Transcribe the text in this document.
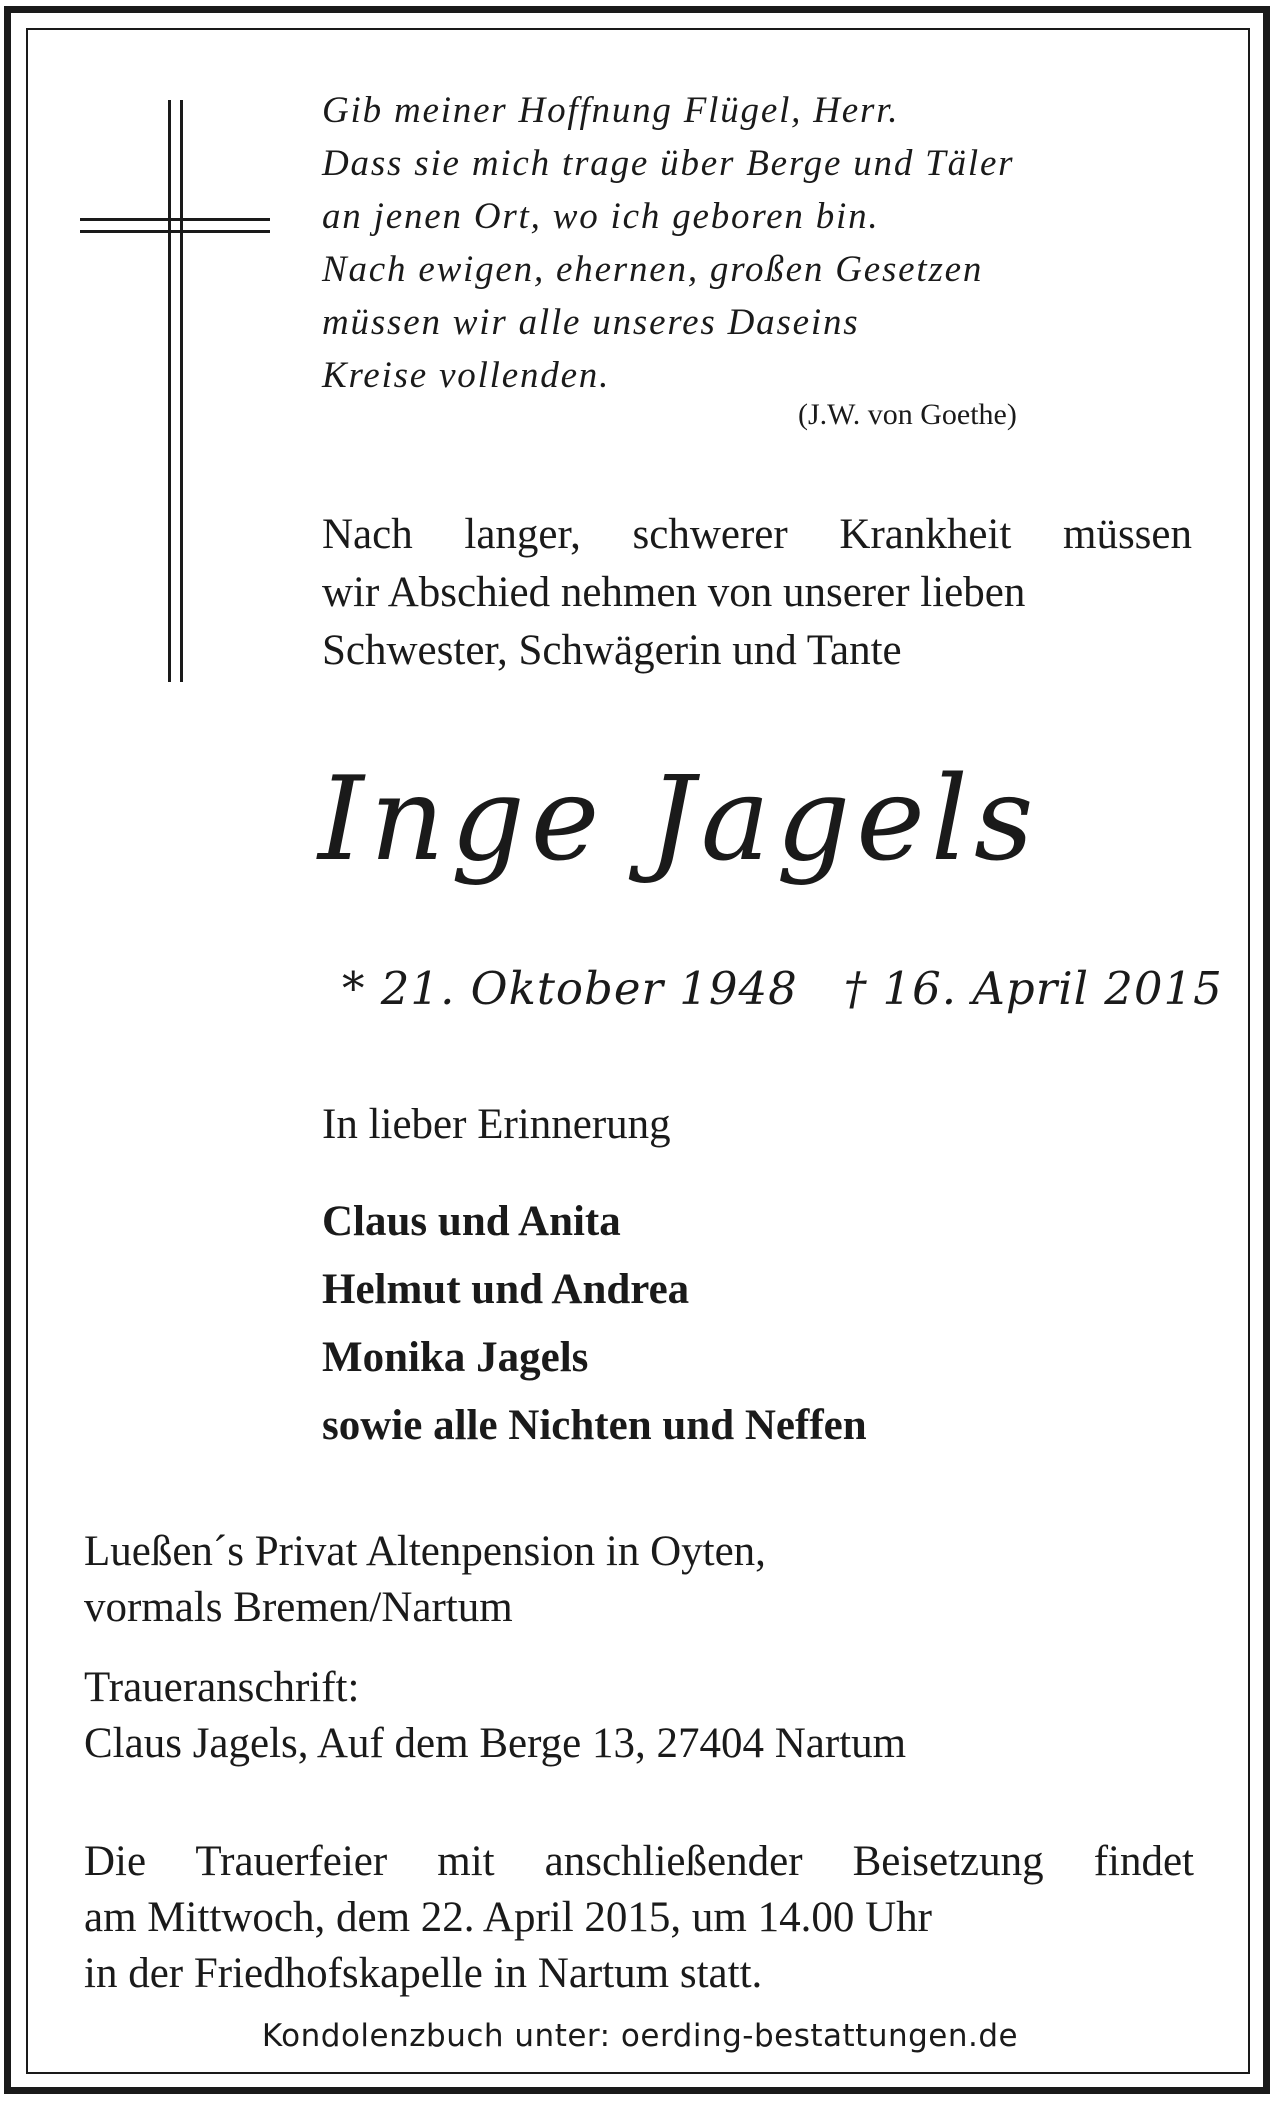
Gib meiner Hoffnung Flügel, Herr.
Dass sie mich trage über Berge und Täler
an jenen Ort, wo ich geboren bin.
Nach ewigen, ehernen, großen Gesetzen
müssen wir alle unseres Daseins
Kreise vollenden.
(J.W. von Goethe)
Nach langer, schwerer Krankheit müssen
wir Abschied nehmen von unserer lieben
Schwester, Schwägerin und Tante
Inge Jagels
* 21. Oktober 1948 † 16. April 2015
In lieber Erinnerung
Claus und Anita
Helmut und Andrea
Monika Jagels
sowie alle Nichten und Neffen
Lueßen´s Privat Altenpension in Oyten,
vormals Bremen/Nartum
Traueranschrift:
Claus Jagels, Auf dem Berge 13, 27404 Nartum
Die Trauerfeier mit anschließender Beisetzung findet
am Mittwoch, dem 22. April 2015, um 14.00 Uhr
in der Friedhofskapelle in Nartum statt.
Kondolenzbuch unter: oerding-bestattungen.de
